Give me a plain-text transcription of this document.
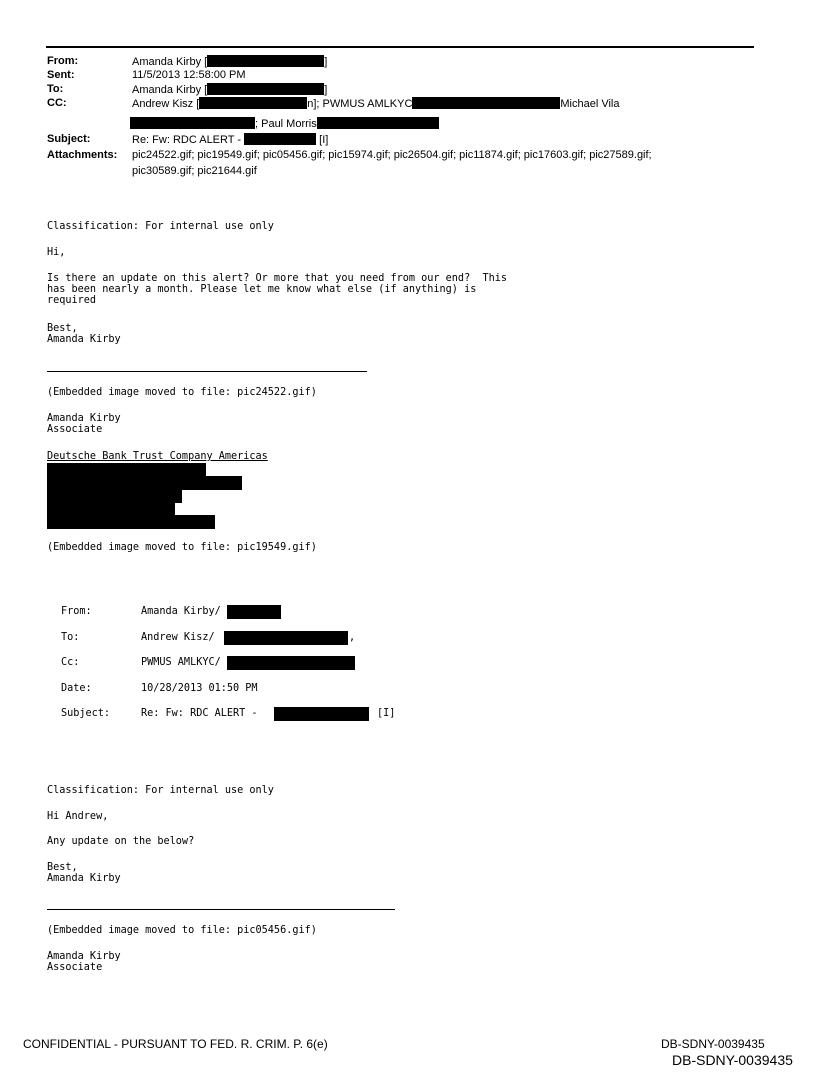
From:	Amanda Kirby [	]
Sent:	11/5/2013 12:58:00 PM
To:	Amanda Kirby [	]
CC:	Andrew Kisz [	n]; PWMUS AMLKYC	Michael Vila
; Paul Morris
Subject:	Re: Fw: RDC ALERT -	[I]
Attachments:	pic24522.gif; pic19549.gif; pic05456.gif; pic15974.gif; pic26504.gif; pic11874.gif; pic17603.gif; pic27589.gif;
pic30589.gif; pic21644.gif
Classification: For internal use only
Hi,
Is there an update on this alert? Or more that you need from our end?  This
has been nearly a month. Please let me know what else (if anything) is
required
Best,
Amanda Kirby
(Embedded image moved to file: pic24522.gif)
Amanda Kirby
Associate
Deutsche Bank Trust Company Americas
(Embedded image moved to file: pic19549.gif)
From:	Amanda Kirby/
To:	Andrew Kisz/	,
Cc:	PWMUS AMLKYC/
Date:	10/28/2013 01:50 PM
Subject:	Re: Fw: RDC ALERT -	[I]
Classification: For internal use only
Hi Andrew,
Any update on the below?
Best,
Amanda Kirby
(Embedded image moved to file: pic05456.gif)
Amanda Kirby
Associate
CONFIDENTIAL - PURSUANT TO FED. R. CRIM. P. 6(e)	DB-SDNY-0039435
DB-SDNY-0039435
